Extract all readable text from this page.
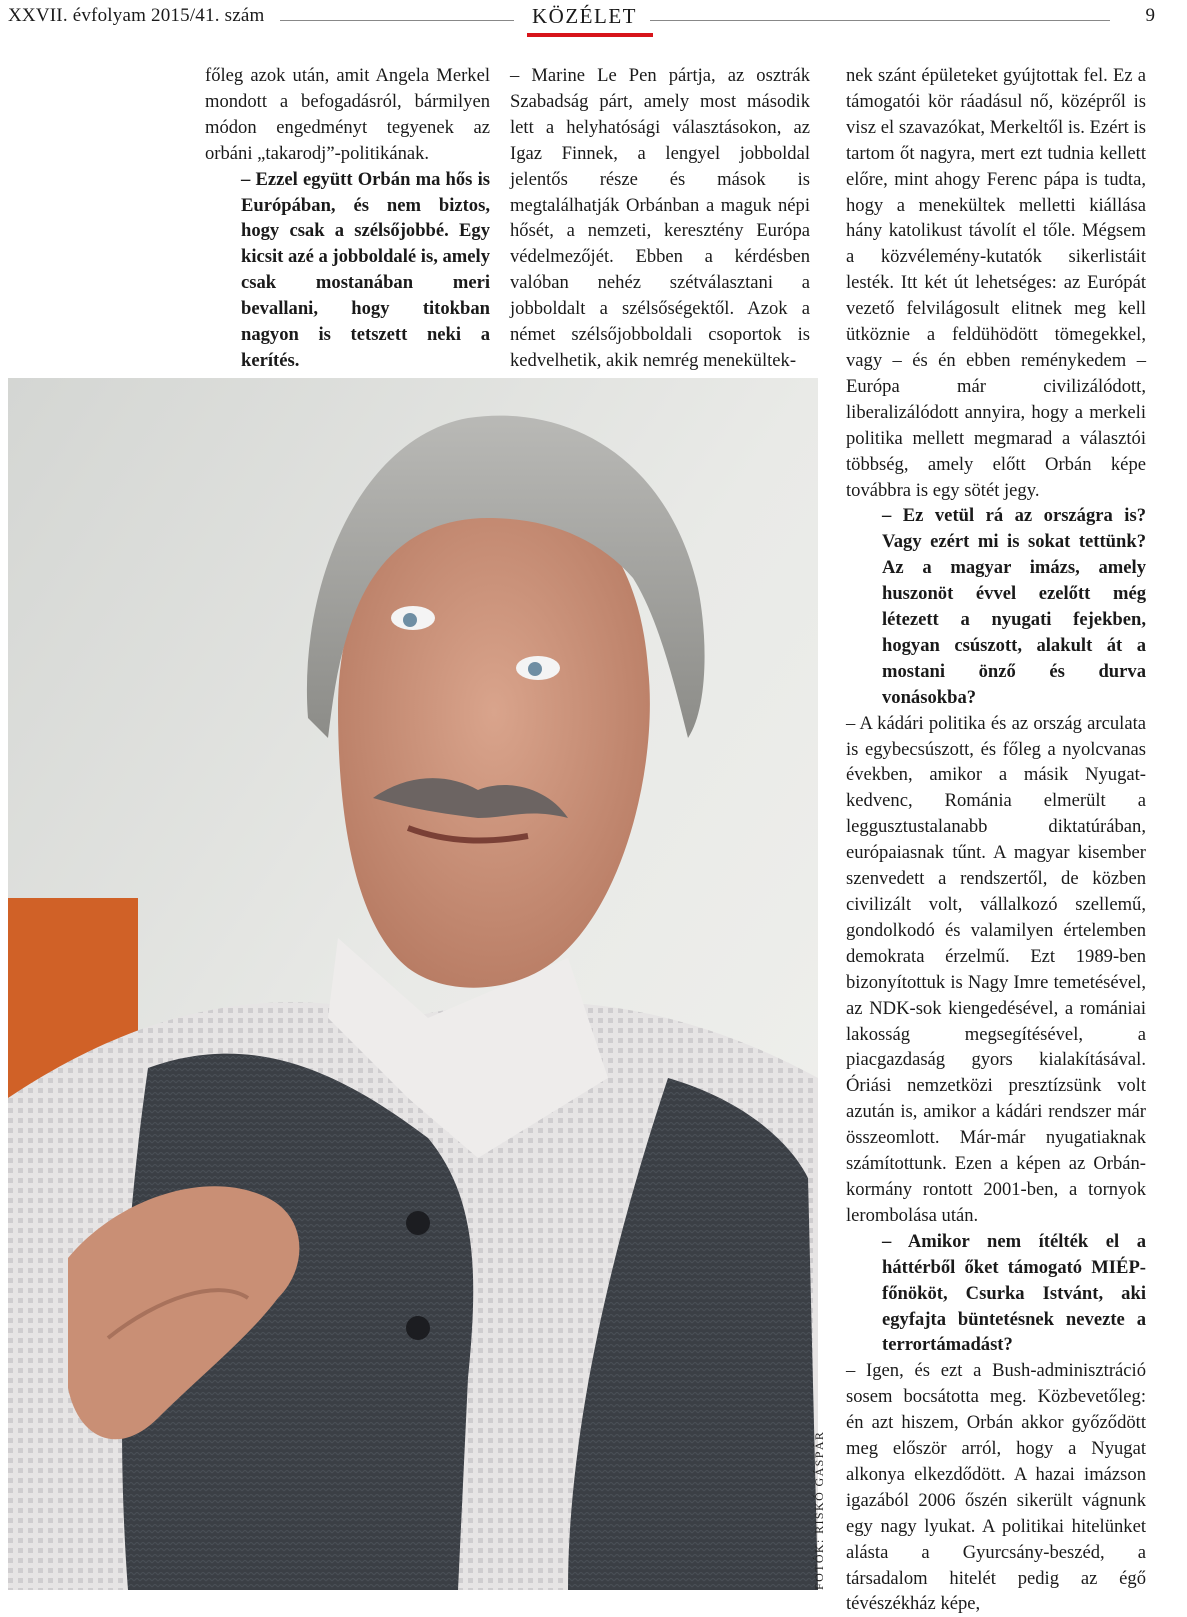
XXVII. évfolyam 2015/41. szám	KÖZÉLET	9

főleg azok után, amit Angela Merkel mondott a befogadásról, bármilyen módon engedményt tegyenek az orbáni „takarodj”-politikának.

– Ezzel együtt Orbán ma hős is Európában, és nem biztos, hogy csak a szélsőjobbé. Egy kicsit azé a jobboldalé is, amely csak mostanában meri bevallani, hogy titokban nagyon is tetszett neki a kerítés.

– Marine Le Pen pártja, az osztrák Szabadság párt, amely most második lett a helyhatósági választásokon, az Igaz Finnek, a lengyel jobboldal jelentős része és mások is megtalálhatják Orbánban a maguk népi hősét, a nemzeti, keresztény Európa védelmezőjét. Ebben a kérdésben valóban nehéz szétválasztani a jobboldalt a szélsőségektől. Azok a német szélsőjobboldali csoportok is kedvelhetik, akik nemrég menekültek-

nek szánt épületeket gyújtottak fel. Ez a támogatói kör ráadásul nő, középről is visz el szavazókat, Merkeltől is. Ezért is tartom őt nagyra, mert ezt tudnia kellett előre, mint ahogy Ferenc pápa is tudta, hogy a menekültek melletti kiállása hány katolikust távolít el tőle. Mégsem a közvélemény-kutatók sikerlistáit lesték. Itt két út lehetséges: az Európát vezető felvilágosult elitnek meg kell ütköznie a feldühödött tömegekkel, vagy – és én ebben reménykedem – Európa már civilizálódott, liberalizálódott annyira, hogy a merkeli politika mellett megmarad a választói többség, amely előtt Orbán képe továbbra is egy sötét jegy.

– Ez vetül rá az országra is? Vagy ezért mi is sokat tettünk? Az a magyar imázs, amely huszonöt évvel ezelőtt még létezett a nyugati fejekben, hogyan csúszott, alakult át a mostani önző és durva vonásokba?

– A kádári politika és az ország arculata is egybecsúszott, és főleg a nyolcvanas években, amikor a másik Nyugat-kedvenc, Románia elmerült a leggusztustalanabb diktatúrában, európaiasnak tűnt. A magyar kisember szenvedett a rendszertől, de közben civilizált volt, vállalkozó szellemű, gondolkodó és valamilyen értelemben demokrata érzelmű. Ezt 1989-ben bizonyítottuk is Nagy Imre temetésével, az NDK-sok kiengedésével, a romániai lakosság megsegítésével, a piacgazdaság gyors kialakításával. Óriási nemzetközi presztízsünk volt azután is, amikor a kádári rendszer már összeomlott. Már-már nyugatiaknak számítottunk. Ezen a képen az Orbán-kormány rontott 2001-ben, a tornyok lerombolása után.

– Amikor nem ítélték el a háttérből őket támogató MIÉP-főnököt, Csurka Istvánt, aki egyfajta büntetésnek nevezte a terrortámadást?

– Igen, és ezt a Bush-adminisztráció sosem bocsátotta meg. Közbevetőleg: én azt hiszem, Orbán akkor győződött meg először arról, hogy a Nyugat alkonya elkezdődött. A hazai imázson igazából 2006 őszén sikerült vágnunk egy nagy lyukat. A politikai hitelünket alásta a Gyurcsány-beszéd, a társadalom hitelét pedig az égő tévészékház képe,

FOTÓK: RISKÓ GÁSPÁR
